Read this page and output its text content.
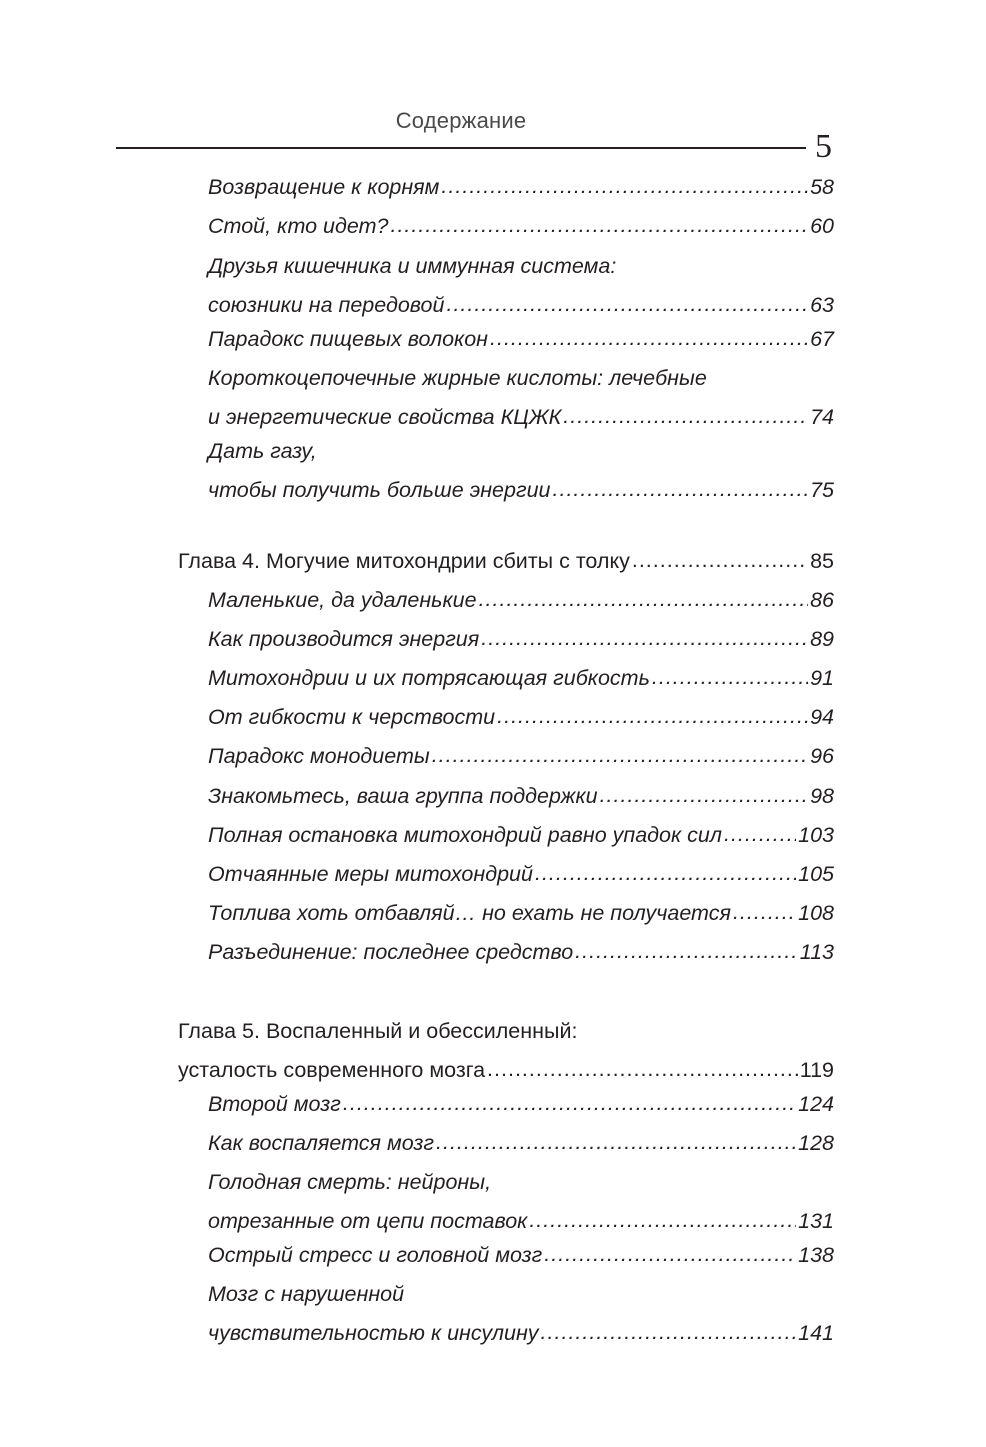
Содержание
5
Возвращение к корням .....	58
Стой, кто идет? .....	60
Друзья кишечника и иммунная система:
союзники на передовой .....	63
Парадокс пищевых волокон .....	67
Короткоцепочечные жирные кислоты: лечебные
и энергетические свойства КЦЖК .....	74
Дать газу,
чтобы получить больше энергии .....	75
Глава 4. Могучие митохондрии сбиты с толку .....	85
Маленькие, да удаленькие .....	86
Как производится энергия .....	89
Митохондрии и их потрясающая гибкость .....	91
От гибкости к черствости .....	94
Парадокс монодиеты .....	96
Знакомьтесь, ваша группа поддержки .....	98
Полная остановка митохондрий равно упадок сил .....	103
Отчаянные меры митохондрий .....	105
Топлива хоть отбавляй… но ехать не получается .....	108
Разъединение: последнее средство .....	113
Глава 5. Воспаленный и обессиленный:
усталость современного мозга .....	119
Второй мозг .....	124
Как воспаляется мозг .....	128
Голодная смерть: нейроны,
отрезанные от цепи поставок .....	131
Острый стресс и головной мозг .....	138
Мозг с нарушенной
чувствительностью к инсулину .....	141
